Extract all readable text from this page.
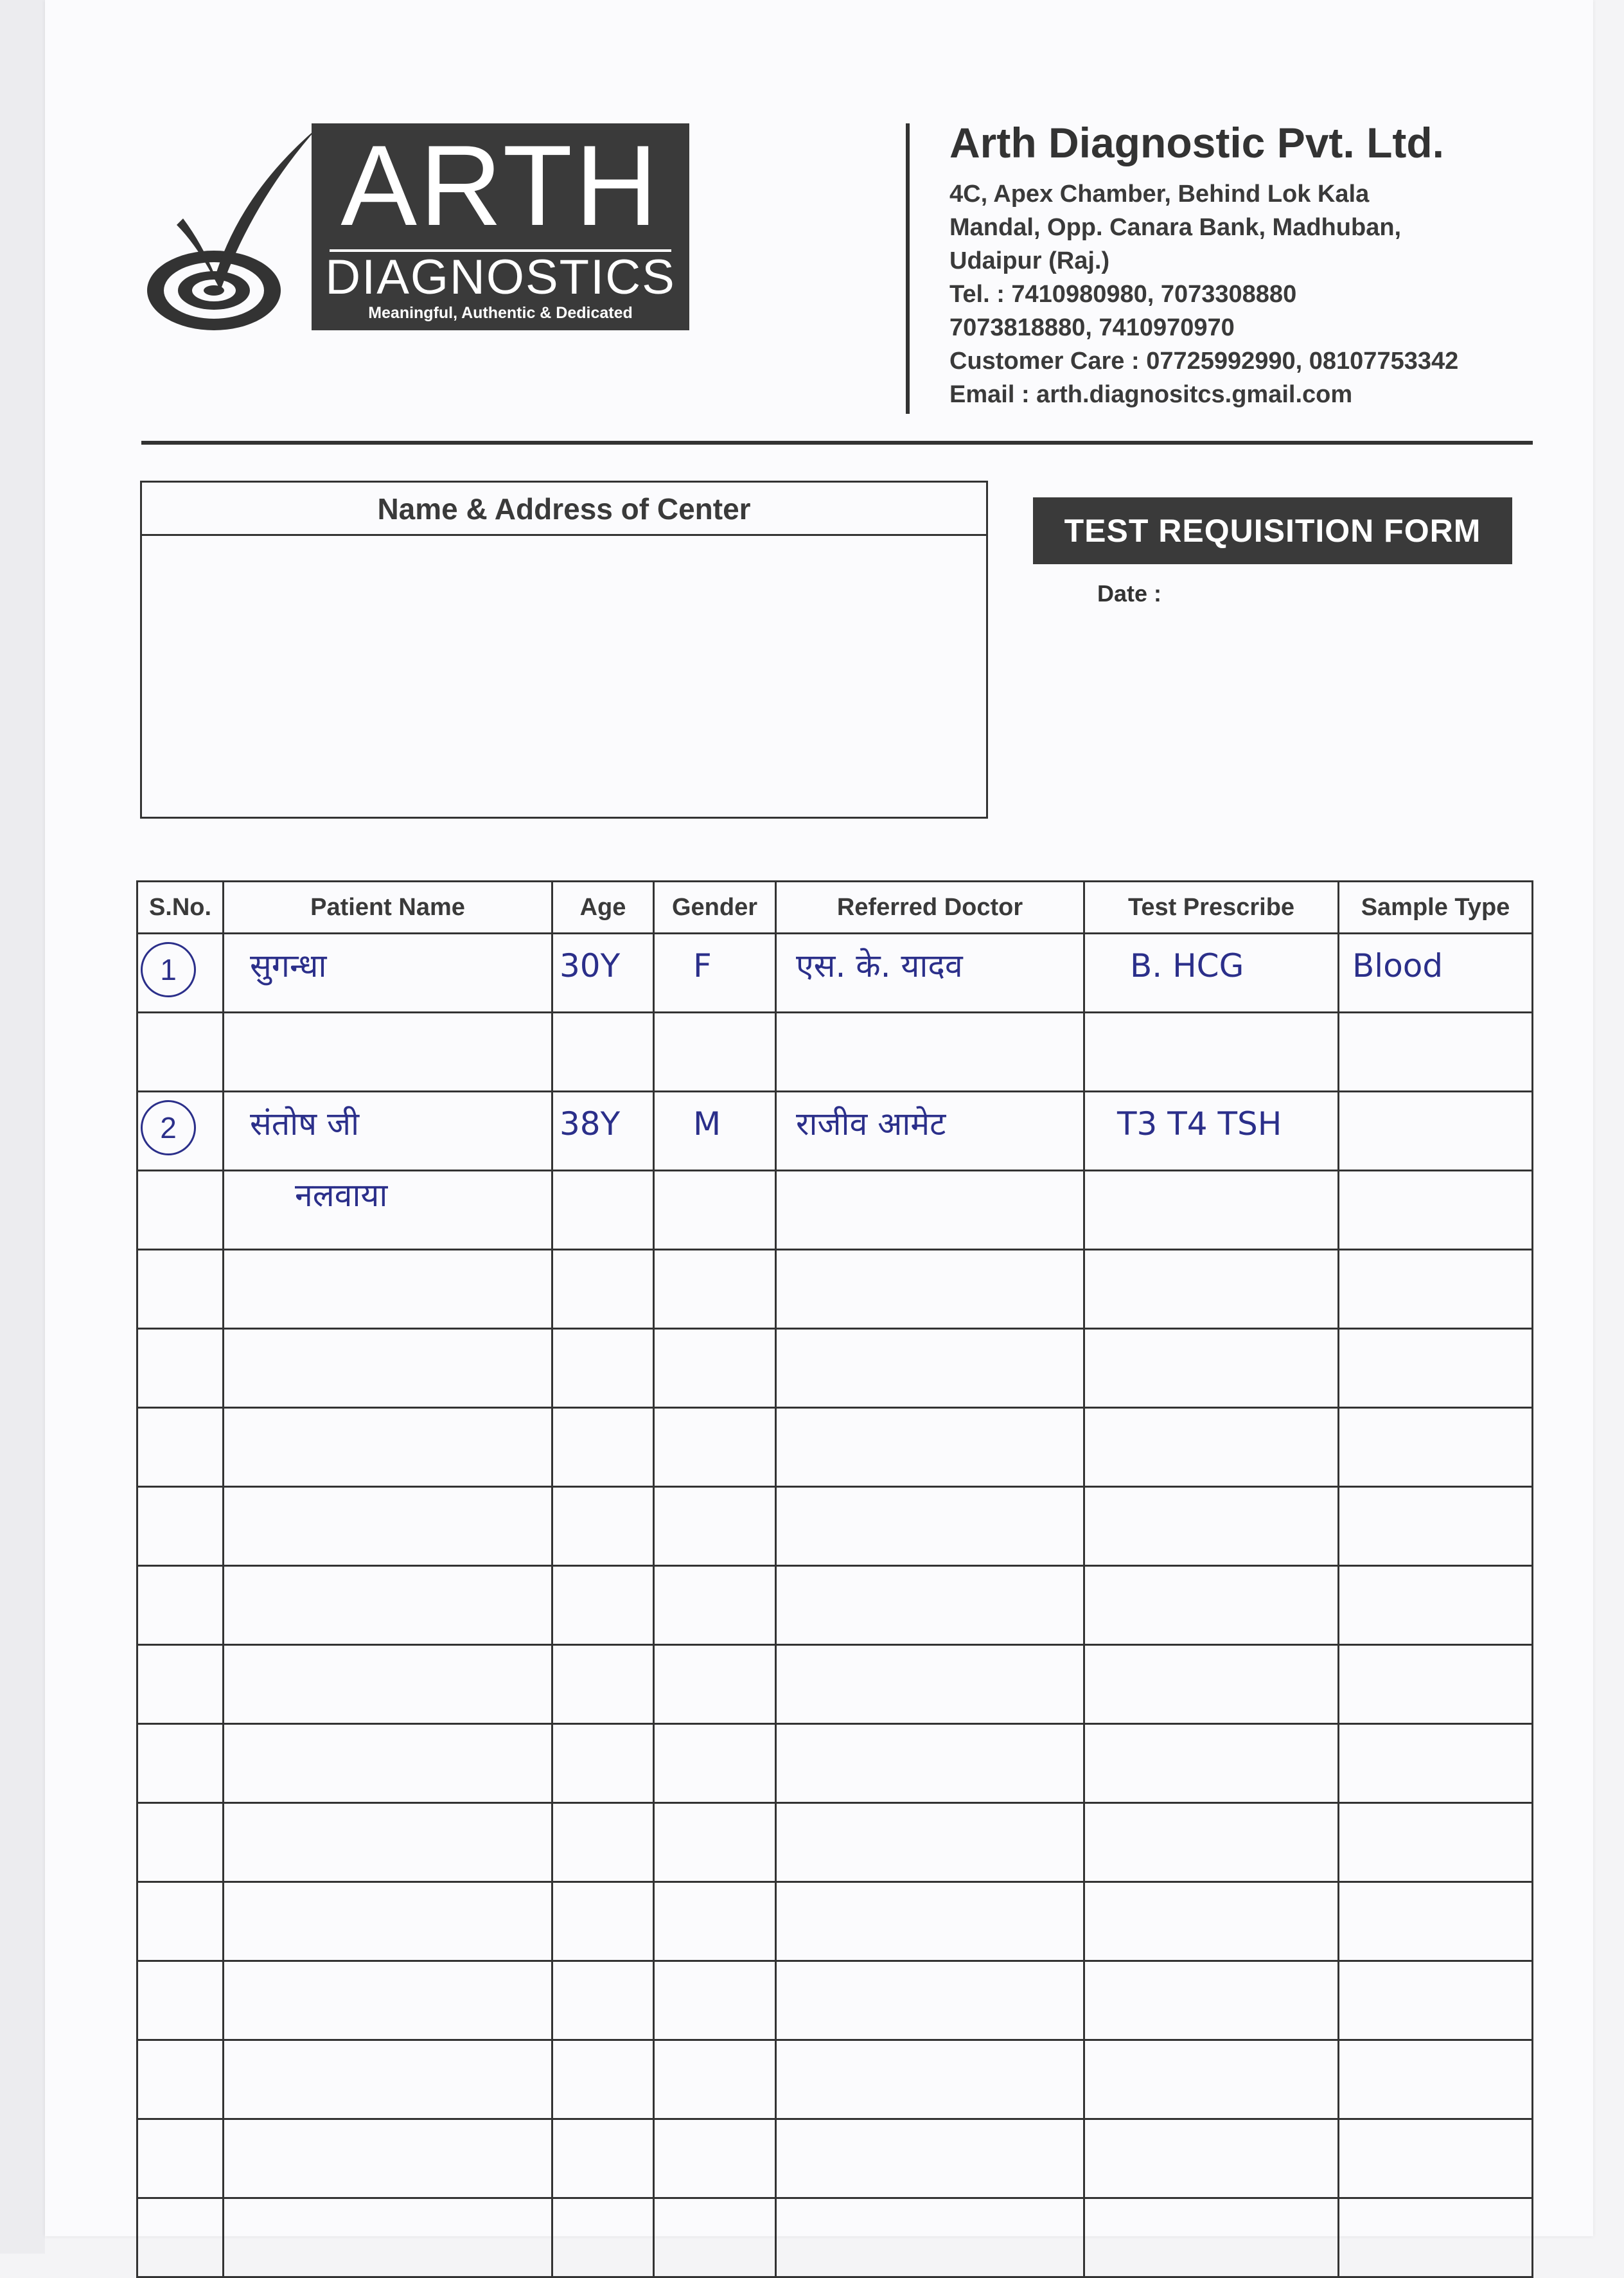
ARTH
DIAGNOSTICS
Meaningful, Authentic & Dedicated
Arth Diagnostic Pvt. Ltd.
4C, Apex Chamber, Behind Lok Kala
Mandal, Opp. Canara Bank, Madhuban,
Udaipur (Raj.)
Tel. : 7410980980, 7073308880
7073818880, 7410970970
Customer Care : 07725992990, 08107753342
Email : arth.diagnositcs.gmail.com
Name & Address of Center
TEST REQUISITION FORM
Date :
S.No.	Patient Name	Age	Gender	Referred Doctor	Test Prescribe	Sample Type
1	सुगन्धा	30Y	F	एस. के. यादव	B. HCG	Blood

2	संतोष जी	38Y	M	राजीव आमेट	T3 T4 TSH	

	नलवाया					
